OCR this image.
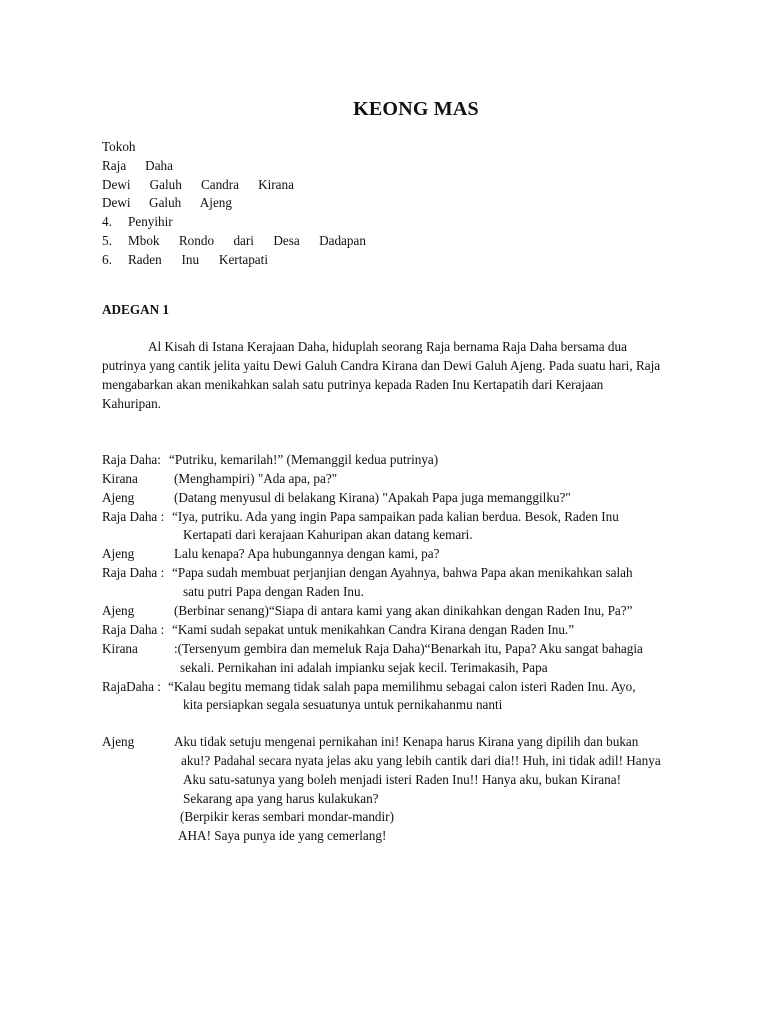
KEONG MAS
Tokoh
Raja Daha
Dewi Galuh Candra Kirana
Dewi Galuh Ajeng
4. Penyihir
5. Mbok Rondo dari Desa Dadapan
6. Raden Inu Kertapati
ADEGAN 1
Al Kisah di Istana Kerajaan Daha, hiduplah seorang Raja bernama Raja Daha bersama dua
putrinya yang cantik jelita yaitu Dewi Galuh Candra Kirana dan Dewi Galuh Ajeng. Pada suatu hari, Raja
mengabarkan akan menikahkan salah satu putrinya kepada Raden Inu Kertapatih dari Kerajaan
Kahuripan.
Raja Daha: “Putriku, kemarilah!” (Memanggil kedua putrinya)
Kirana	(Menghampiri) "Ada apa, pa?"
Ajeng	(Datang menyusul di belakang Kirana) "Apakah Papa juga memanggilku?"
Raja Daha : “Iya, putriku. Ada yang ingin Papa sampaikan pada kalian berdua. Besok, Raden Inu
Kertapati dari kerajaan Kahuripan akan datang kemari.
Ajeng	Lalu kenapa? Apa hubungannya dengan kami, pa?
Raja Daha : “Papa sudah membuat perjanjian dengan Ayahnya, bahwa Papa akan menikahkan salah
satu putri Papa dengan Raden Inu.
Ajeng	(Berbinar senang)“Siapa di antara kami yang akan dinikahkan dengan Raden Inu, Pa?”
Raja Daha : “Kami sudah sepakat untuk menikahkan Candra Kirana dengan Raden Inu.”
Kirana	:(Tersenyum gembira dan memeluk Raja Daha)“Benarkah itu, Papa? Aku sangat bahagia
sekali. Pernikahan ini adalah impianku sejak kecil. Terimakasih, Papa
RajaDaha : “Kalau begitu memang tidak salah papa memilihmu sebagai calon isteri Raden Inu. Ayo,
kita persiapkan segala sesuatunya untuk pernikahanmu nanti
Ajeng	Aku tidak setuju mengenai pernikahan ini! Kenapa harus Kirana yang dipilih dan bukan
aku!? Padahal secara nyata jelas aku yang lebih cantik dari dia!! Huh, ini tidak adil! Hanya
Aku satu-satunya yang boleh menjadi isteri Raden Inu!! Hanya aku, bukan Kirana!
Sekarang apa yang harus kulakukan?
(Berpikir keras sembari mondar-mandir)
AHA! Saya punya ide yang cemerlang!
